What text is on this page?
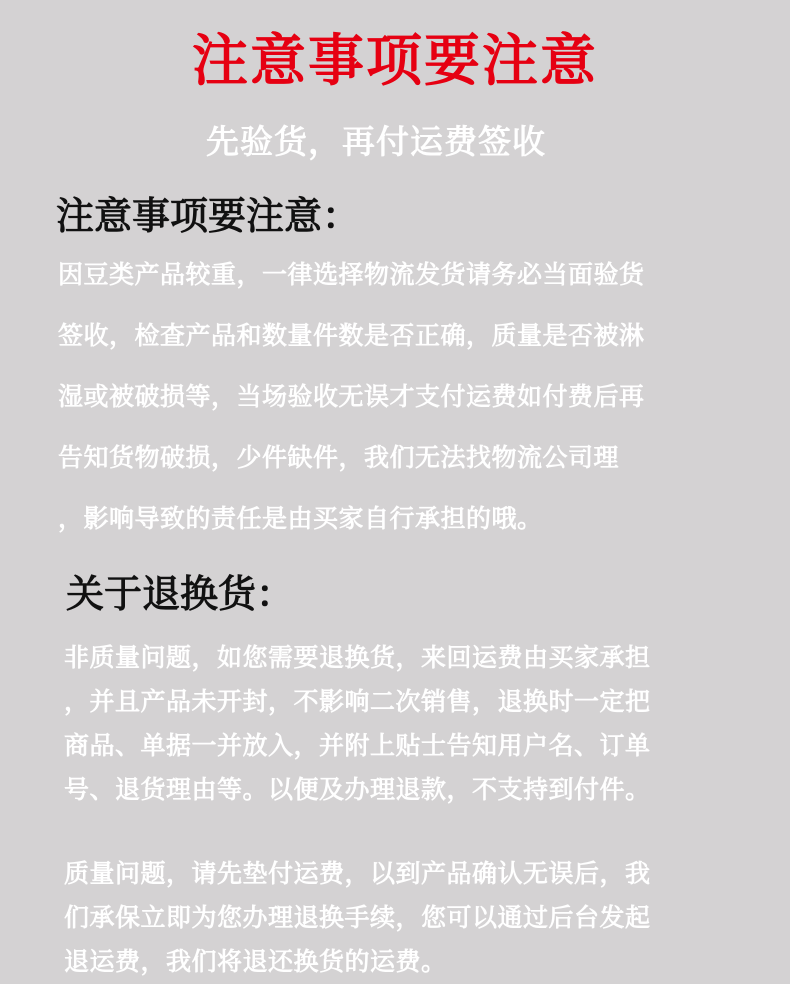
注意事项要注意
先验货，再付运费签收
注意事项要注意：
因豆类产品较重，一律选择物流发货请务必当面验货
签收，检查产品和数量件数是否正确，质量是否被淋
湿或被破损等，当场验收无误才支付运费如付费后再
告知货物破损，少件缺件，我们无法找物流公司理
，影响导致的责任是由买家自行承担的哦。
关于退换货：
非质量问题，如您需要退换货，来回运费由买家承担
，并且产品未开封，不影响二次销售，退换时一定把
商品、单据一并放入，并附上贴士告知用户名、订单
号、退货理由等。以便及办理退款，不支持到付件。
质量问题，请先垫付运费，以到产品确认无误后，我
们承保立即为您办理退换手续，您可以通过后台发起
退运费，我们将退还换货的运费。
